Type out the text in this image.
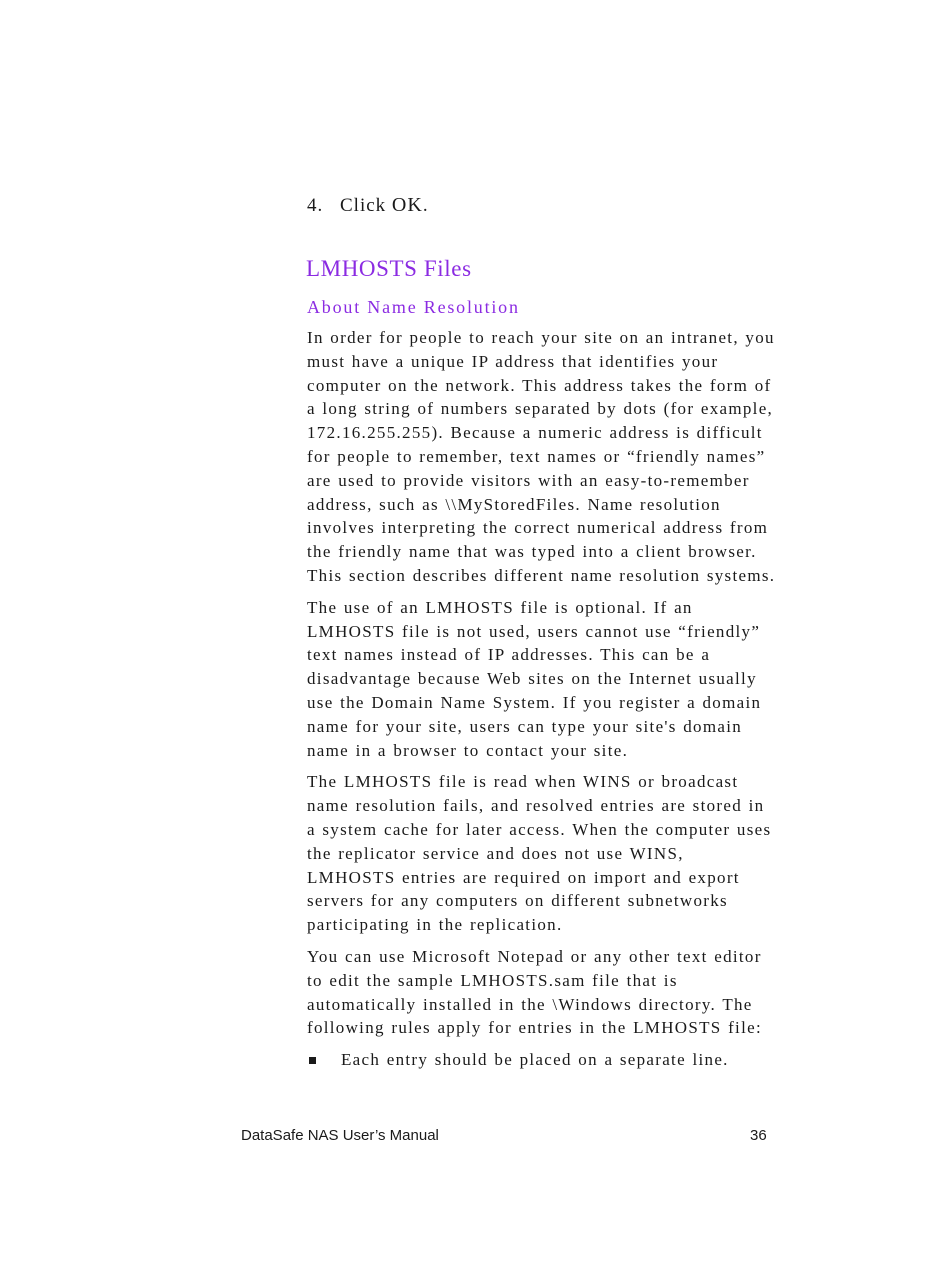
4. Click OK.
LMHOSTS Files
About Name Resolution

In order for people to reach your site on an intranet, you must have a unique IP address that identifies your computer on the network. This address takes the form of a long string of numbers separated by dots (for example, 172.16.255.255). Because a numeric address is difficult for people to remember, text names or “friendly names” are used to provide visitors with an easy-to-remember address, such as \\MyStoredFiles. Name resolution involves interpreting the correct numerical address from the friendly name that was typed into a client browser. This section describes different name resolution systems.

The use of an LMHOSTS file is optional. If an LMHOSTS file is not used, users cannot use “friendly” text names instead of IP addresses. This can be a disadvantage because Web sites on the Internet usually use the Domain Name System. If you register a domain name for your site, users can type your site's domain name in a browser to contact your site.

The LMHOSTS file is read when WINS or broadcast name resolution fails, and resolved entries are stored in a system cache for later access. When the computer uses the replicator service and does not use WINS, LMHOSTS entries are required on import and export servers for any computers on different subnetworks participating in the replication.

You can use Microsoft Notepad or any other text editor to edit the sample LMHOSTS.sam file that is automatically installed in the \Windows directory. The following rules apply for entries in the LMHOSTS file:

Each entry should be placed on a separate line.
DataSafe NAS User’s Manual	36
